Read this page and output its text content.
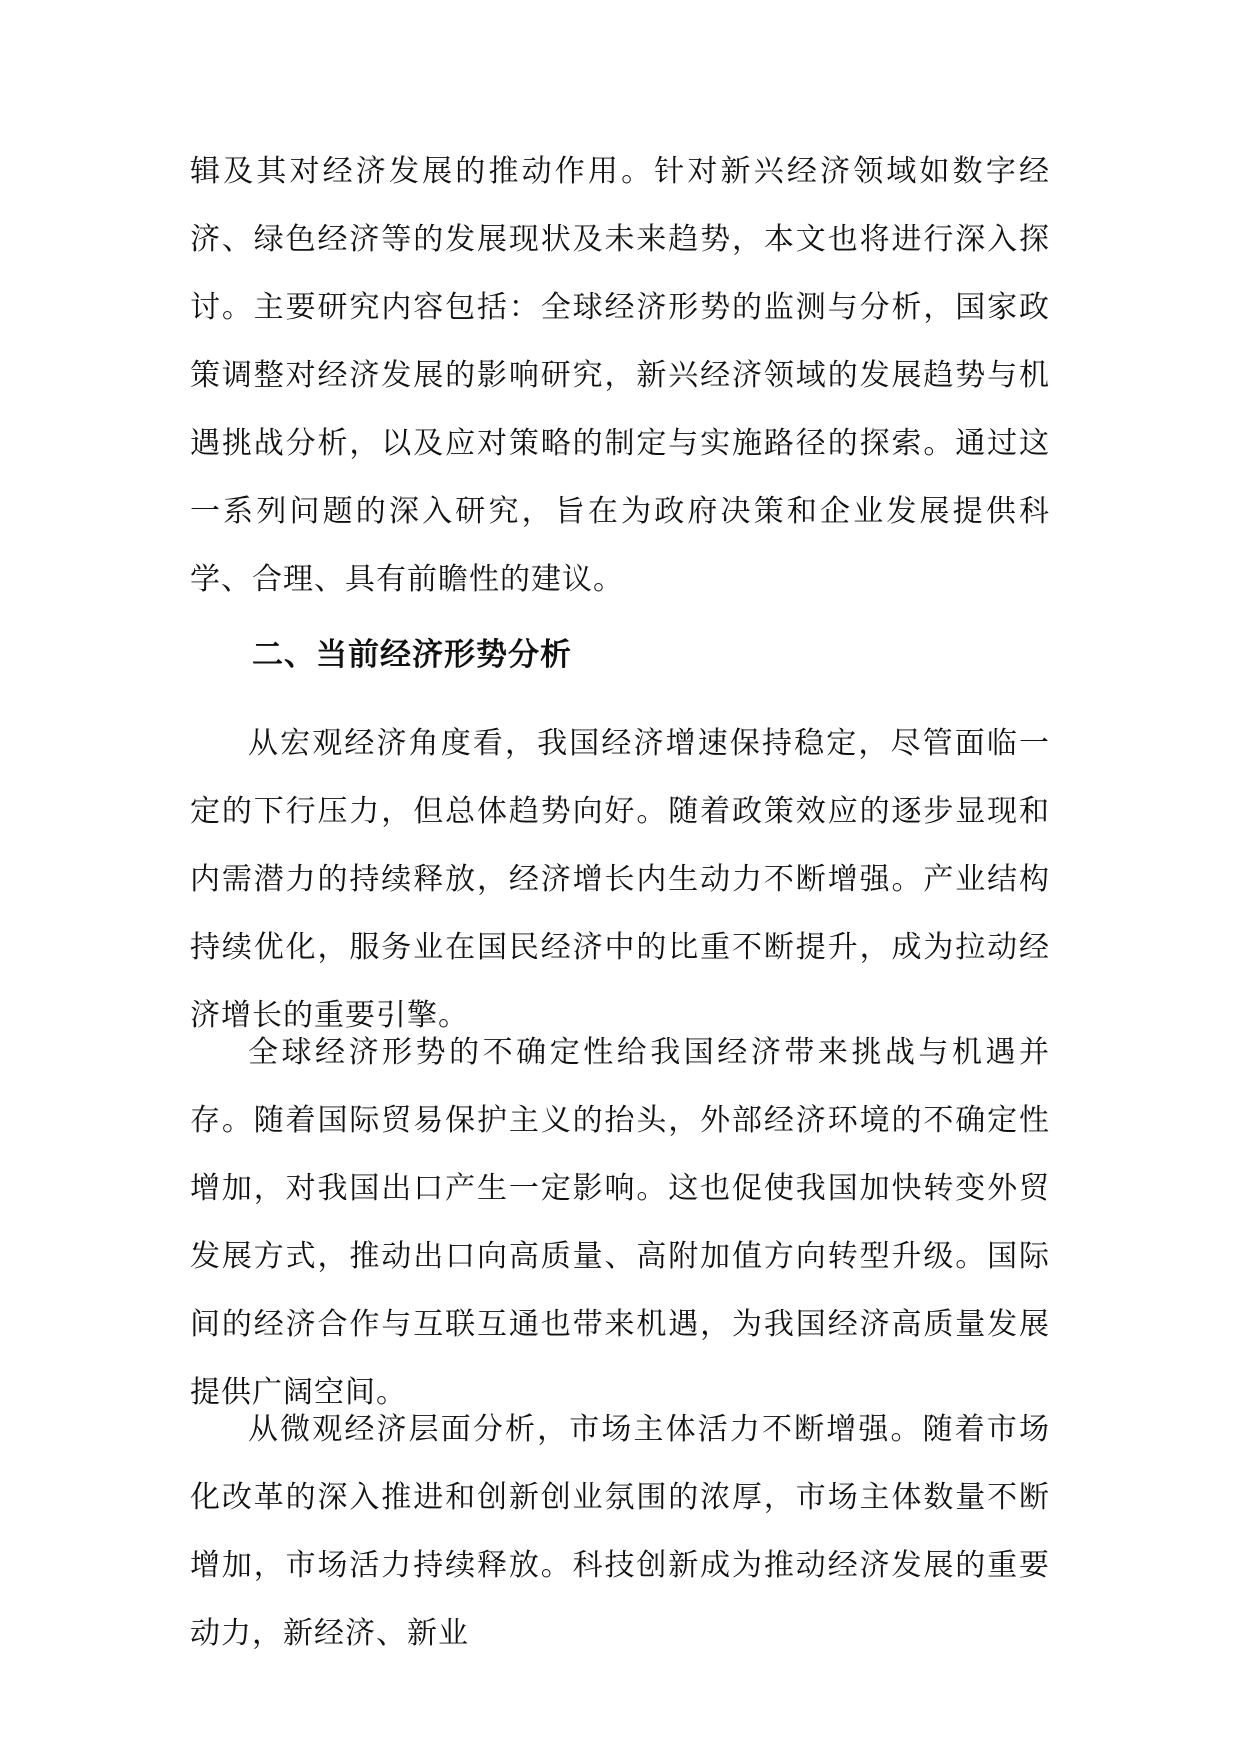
辑及其对经济发展的推动作用。针对新兴经济领域如数字经济、绿色经济等的发展现状及未来趋势，本文也将进行深入探讨。主要研究内容包括：全球经济形势的监测与分析，国家政策调整对经济发展的影响研究，新兴经济领域的发展趋势与机遇挑战分析，以及应对策略的制定与实施路径的探索。通过这一系列问题的深入研究，旨在为政府决策和企业发展提供科学、合理、具有前瞻性的建议。

二、当前经济形势分析

从宏观经济角度看，我国经济增速保持稳定，尽管面临一定的下行压力，但总体趋势向好。随着政策效应的逐步显现和内需潜力的持续释放，经济增长内生动力不断增强。产业结构持续优化，服务业在国民经济中的比重不断提升，成为拉动经济增长的重要引擎。

全球经济形势的不确定性给我国经济带来挑战与机遇并存。随着国际贸易保护主义的抬头，外部经济环境的不确定性增加，对我国出口产生一定影响。这也促使我国加快转变外贸发展方式，推动出口向高质量、高附加值方向转型升级。国际间的经济合作与互联互通也带来机遇，为我国经济高质量发展提供广阔空间。

从微观经济层面分析，市场主体活力不断增强。随着市场化改革的深入推进和创新创业氛围的浓厚，市场主体数量不断增加，市场活力持续释放。科技创新成为推动经济发展的重要动力，新经济、新业
